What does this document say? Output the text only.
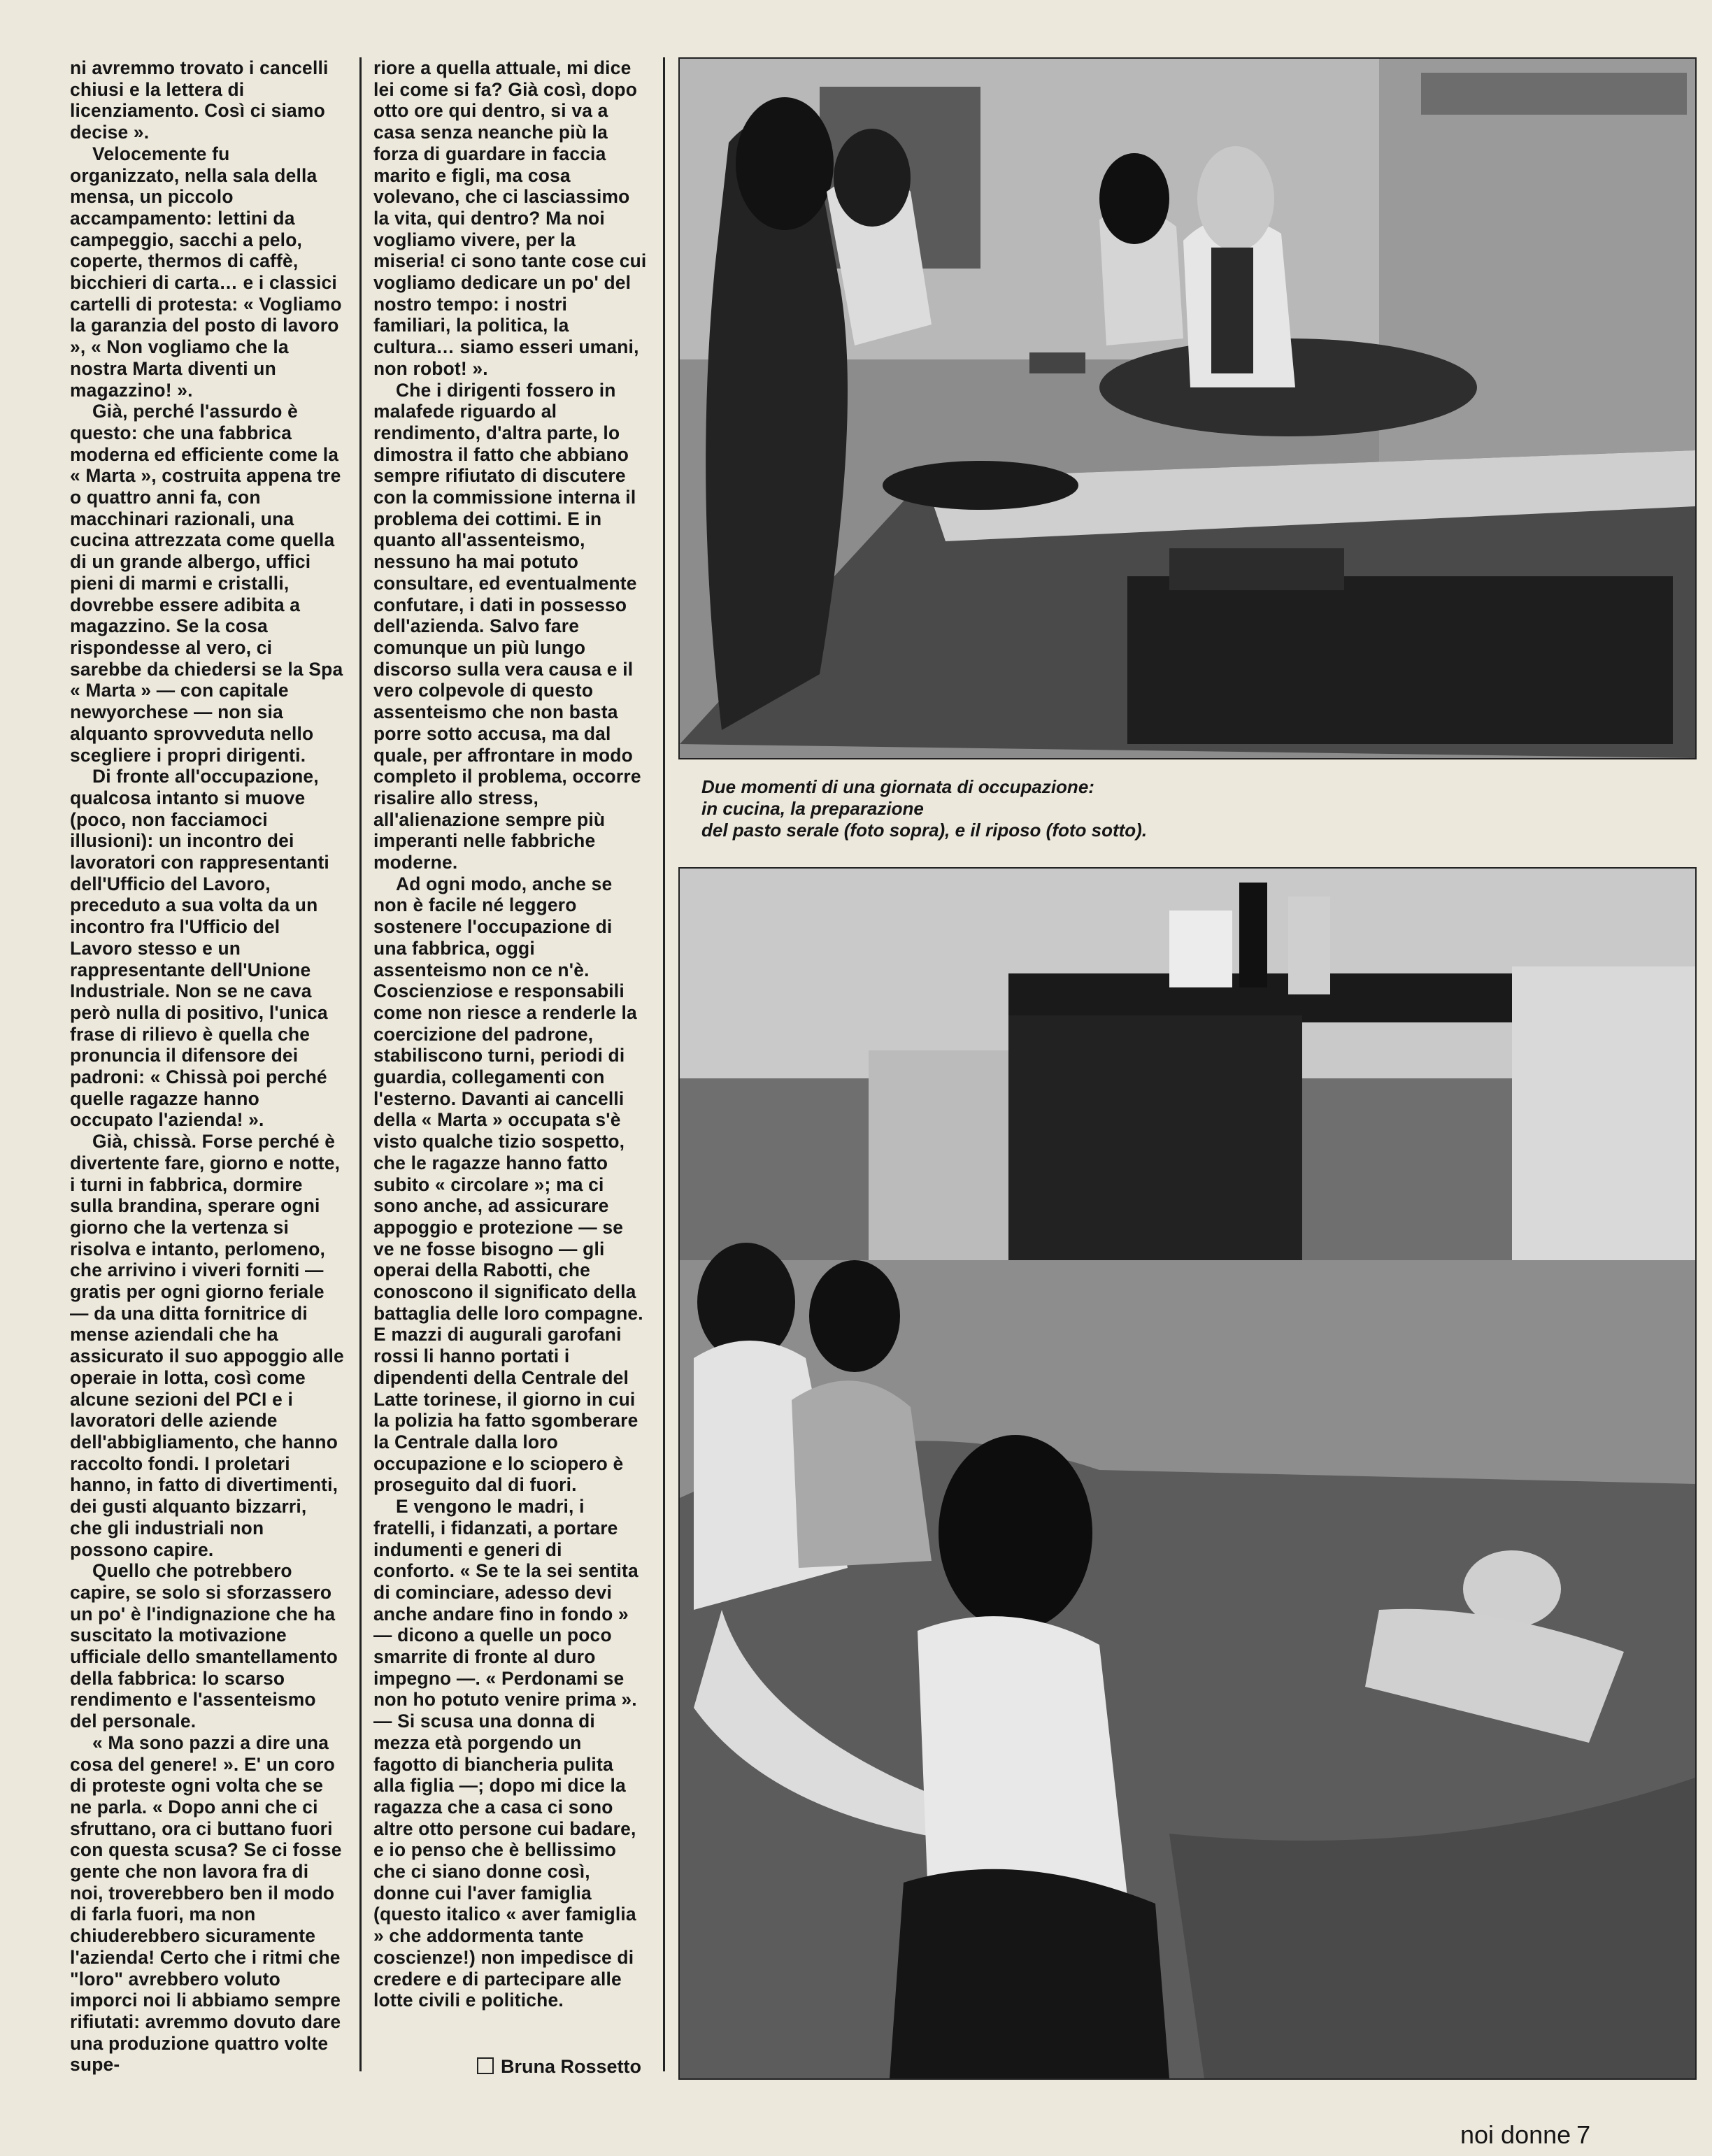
ni avremmo trovato i cancelli chiusi e la lettera di licenziamento. Così ci siamo decise ».

Velocemente fu organizzato, nella sala della mensa, un piccolo accampamento: lettini da campeggio, sacchi a pelo, coperte, thermos di caffè, bicchieri di carta… e i classici cartelli di protesta: « Vogliamo la garanzia del posto di lavoro », « Non vogliamo che la nostra Marta diventi un magazzino! ».

Già, perché l'assurdo è questo: che una fabbrica moderna ed efficiente come la « Marta », costruita appena tre o quattro anni fa, con macchinari razionali, una cucina attrezzata come quella di un grande albergo, uffici pieni di marmi e cristalli, dovrebbe essere adibita a magazzino. Se la cosa rispondesse al vero, ci sarebbe da chiedersi se la Spa « Marta » — con capitale newyorchese — non sia alquanto sprovveduta nello scegliere i propri dirigenti.

Di fronte all'occupazione, qualcosa intanto si muove (poco, non facciamoci illusioni): un incontro dei lavoratori con rappresentanti dell'Ufficio del Lavoro, preceduto a sua volta da un incontro fra l'Ufficio del Lavoro stesso e un rappresentante dell'Unione Industriale. Non se ne cava però nulla di positivo, l'unica frase di rilievo è quella che pronuncia il difensore dei padroni: « Chissà poi perché quelle ragazze hanno occupato l'azienda! ».

Già, chissà. Forse perché è divertente fare, giorno e notte, i turni in fabbrica, dormire sulla brandina, sperare ogni giorno che la vertenza si risolva e intanto, perlomeno, che arrivino i viveri forniti — gratis per ogni giorno feriale — da una ditta fornitrice di mense aziendali che ha assicurato il suo appoggio alle operaie in lotta, così come alcune sezioni del PCI e i lavoratori delle aziende dell'abbigliamento, che hanno raccolto fondi. I proletari hanno, in fatto di divertimenti, dei gusti alquanto bizzarri, che gli industriali non possono capire.

Quello che potrebbero capire, se solo si sforzassero un po' è l'indignazione che ha suscitato la motivazione ufficiale dello smantellamento della fabbrica: lo scarso rendimento e l'assenteismo del personale.

« Ma sono pazzi a dire una cosa del genere! ». E' un coro di proteste ogni volta che se ne parla. « Dopo anni che ci sfruttano, ora ci buttano fuori con questa scusa? Se ci fosse gente che non lavora fra di noi, troverebbero ben il modo di farla fuori, ma non chiuderebbero sicuramente l'azienda! Certo che i ritmi che "loro" avrebbero voluto imporci noi li abbiamo sempre rifiutati: avremmo dovuto dare una produzione quattro volte supe-

riore a quella attuale, mi dice lei come si fa? Già così, dopo otto ore qui dentro, si va a casa senza neanche più la forza di guardare in faccia marito e figli, ma cosa volevano, che ci lasciassimo la vita, qui dentro? Ma noi vogliamo vivere, per la miseria! ci sono tante cose cui vogliamo dedicare un po' del nostro tempo: i nostri familiari, la politica, la cultura… siamo esseri umani, non robot! ».

Che i dirigenti fossero in malafede riguardo al rendimento, d'altra parte, lo dimostra il fatto che abbiano sempre rifiutato di discutere con la commissione interna il problema dei cottimi. E in quanto all'assenteismo, nessuno ha mai potuto consultare, ed eventualmente confutare, i dati in possesso dell'azienda. Salvo fare comunque un più lungo discorso sulla vera causa e il vero colpevole di questo assenteismo che non basta porre sotto accusa, ma dal quale, per affrontare in modo completo il problema, occorre risalire allo stress, all'alienazione sempre più imperanti nelle fabbriche moderne.

Ad ogni modo, anche se non è facile né leggero sostenere l'occupazione di una fabbrica, oggi assenteismo non ce n'è. Coscienziose e responsabili come non riesce a renderle la coercizione del padrone, stabiliscono turni, periodi di guardia, collegamenti con l'esterno. Davanti ai cancelli della « Marta » occupata s'è visto qualche tizio sospetto, che le ragazze hanno fatto subito « circolare »; ma ci sono anche, ad assicurare appoggio e protezione — se ve ne fosse bisogno — gli operai della Rabotti, che conoscono il significato della battaglia delle loro compagne. E mazzi di augurali garofani rossi li hanno portati i dipendenti della Centrale del Latte torinese, il giorno in cui la polizia ha fatto sgomberare la Centrale dalla loro occupazione e lo sciopero è proseguito dal di fuori.

E vengono le madri, i fratelli, i fidanzati, a portare indumenti e generi di conforto. « Se te la sei sentita di cominciare, adesso devi anche andare fino in fondo » — dicono a quelle un poco smarrite di fronte al duro impegno —. « Perdonami se non ho potuto venire prima ». — Si scusa una donna di mezza età porgendo un fagotto di biancheria pulita alla figlia —; dopo mi dice la ragazza che a casa ci sono altre otto persone cui badare, e io penso che è bellissimo che ci siano donne così, donne cui l'aver famiglia (questo italico « aver famiglia » che addormenta tante coscienze!) non impedisce di credere e di partecipare alle lotte civili e politiche.

Bruna Rossetto
Due momenti di una giornata di occupazione:
in cucina, la preparazione
del pasto serale (foto sopra), e il riposo (foto sotto).
noi donne 7
